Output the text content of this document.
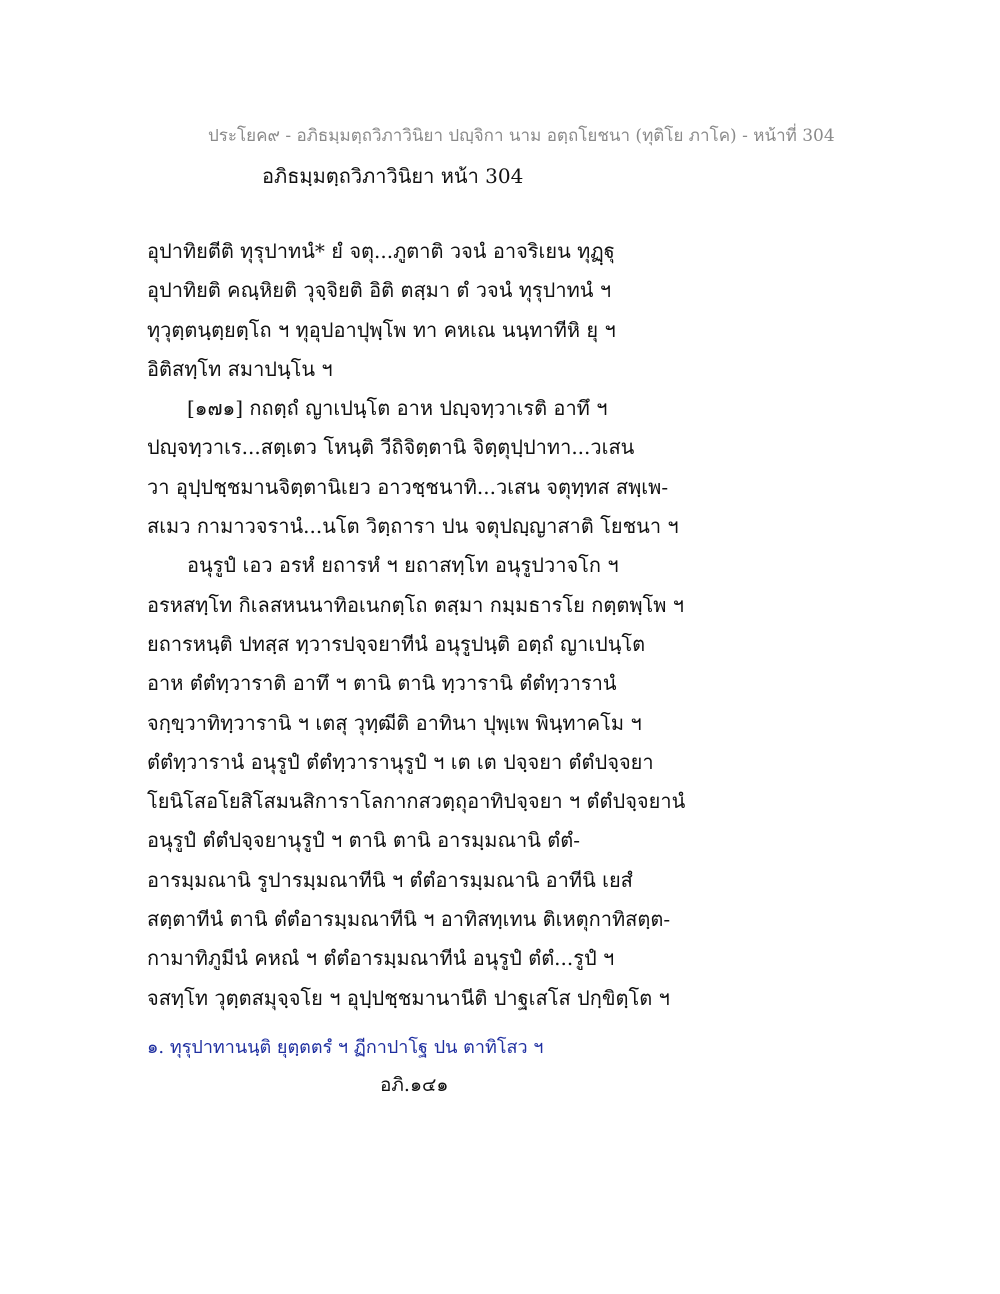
ประโยค๙ - อภิธมฺมตฺถวิภาวินิยา ปญฺจิกา นาม อตฺถโยชนา (ทุติโย ภาโค) - หน้าที่ 304
อภิธมฺมตฺถวิภาวินิยา หน้า 304
อุปาทิยตีติ ทุรุปาทนํ* ยํ จตุ...ภูตาติ วจนํ อาจริเยน ทุฏฺฐุ
อุปาทิยติ คณฺหิยติ วุจฺจิยติ อิติ ตสฺมา ตํ วจนํ ทุรุปาทนํ ฯ
ทุวุตฺตนฺตฺยตฺโถ ฯ ทุอุปอาปุพฺโพ ทา คหเณ นนฺทาทีหิ ยุ ฯ
อิติสทฺโท สมาปนฺโน ฯ
[๑๗๑] กถตฺถํ ญาเปนฺโต อาห ปญฺจทฺวาเรติ อาทึ ฯ
ปญฺจทฺวาเร...สตฺเตว โหนฺติ วีถิจิตฺตานิ จิตฺตุปฺปาทา...วเสน
วา อุปฺปชฺชมานจิตฺตานิเยว อาวชฺชนาทิ...วเสน จตุทฺทส สพฺเพ-
สเมว กามาวจรานํ...นโต วิตฺถารา ปน จตุปญฺญาสาติ โยชนา ฯ
อนุรูปํ เอว อรหํ ยถารหํ ฯ ยถาสทฺโท อนุรูปวาจโก ฯ
อรหสทฺโท กิเลสหนนาทิอเนกตฺโถ ตสฺมา กมฺมธารโย กตฺตพฺโพ ฯ
ยถารหนฺติ ปทสฺส ทฺวารปจฺจยาทีนํ อนุรูปนฺติ อตฺถํ ญาเปนฺโต
อาห ตํตํทฺวาราติ อาทึ ฯ ตานิ ตานิ ทฺวารานิ ตํตํทฺวารานํ
จกฺขฺวาทิทฺวารานิ ฯ เตสุ วุทฺฒีติ อาทินา ปุพฺเพ พินฺทาคโม ฯ
ตํตํทฺวารานํ อนุรูปํ ตํตํทฺวารานุรูปํ ฯ เต เต ปจฺจยา ตํตํปจฺจยา
โยนิโสอโยสิโสมนสิการาโลกากสวตฺถุอาทิปจฺจยา ฯ ตํตํปจฺจยานํ
อนุรูปํ ตํตํปจฺจยานุรูปํ ฯ ตานิ ตานิ อารมฺมณานิ ตํตํ-
อารมฺมณานิ รูปารมฺมณาทีนิ ฯ ตํตํอารมฺมณานิ อาทีนิ เยสํ
สตฺตาทีนํ ตานิ ตํตํอารมฺมณาทีนิ ฯ อาทิสทฺเทน ติเหตุกาทิสตฺต-
กามาทิภูมีนํ คหณํ ฯ ตํตํอารมฺมณาทีนํ อนุรูปํ ตํตํ...รูปํ ฯ
จสทฺโท วุตฺตสมุจฺจโย ฯ อุปฺปชฺชมานานีติ ปาฐเสโส ปกฺขิตฺโต ฯ
๑. ทุรุปาทานนฺติ ยุตฺตตรํ ฯ ฏีกาปาโฐ ปน ตาทิโสว ฯ
อภิ.๑๔๑
